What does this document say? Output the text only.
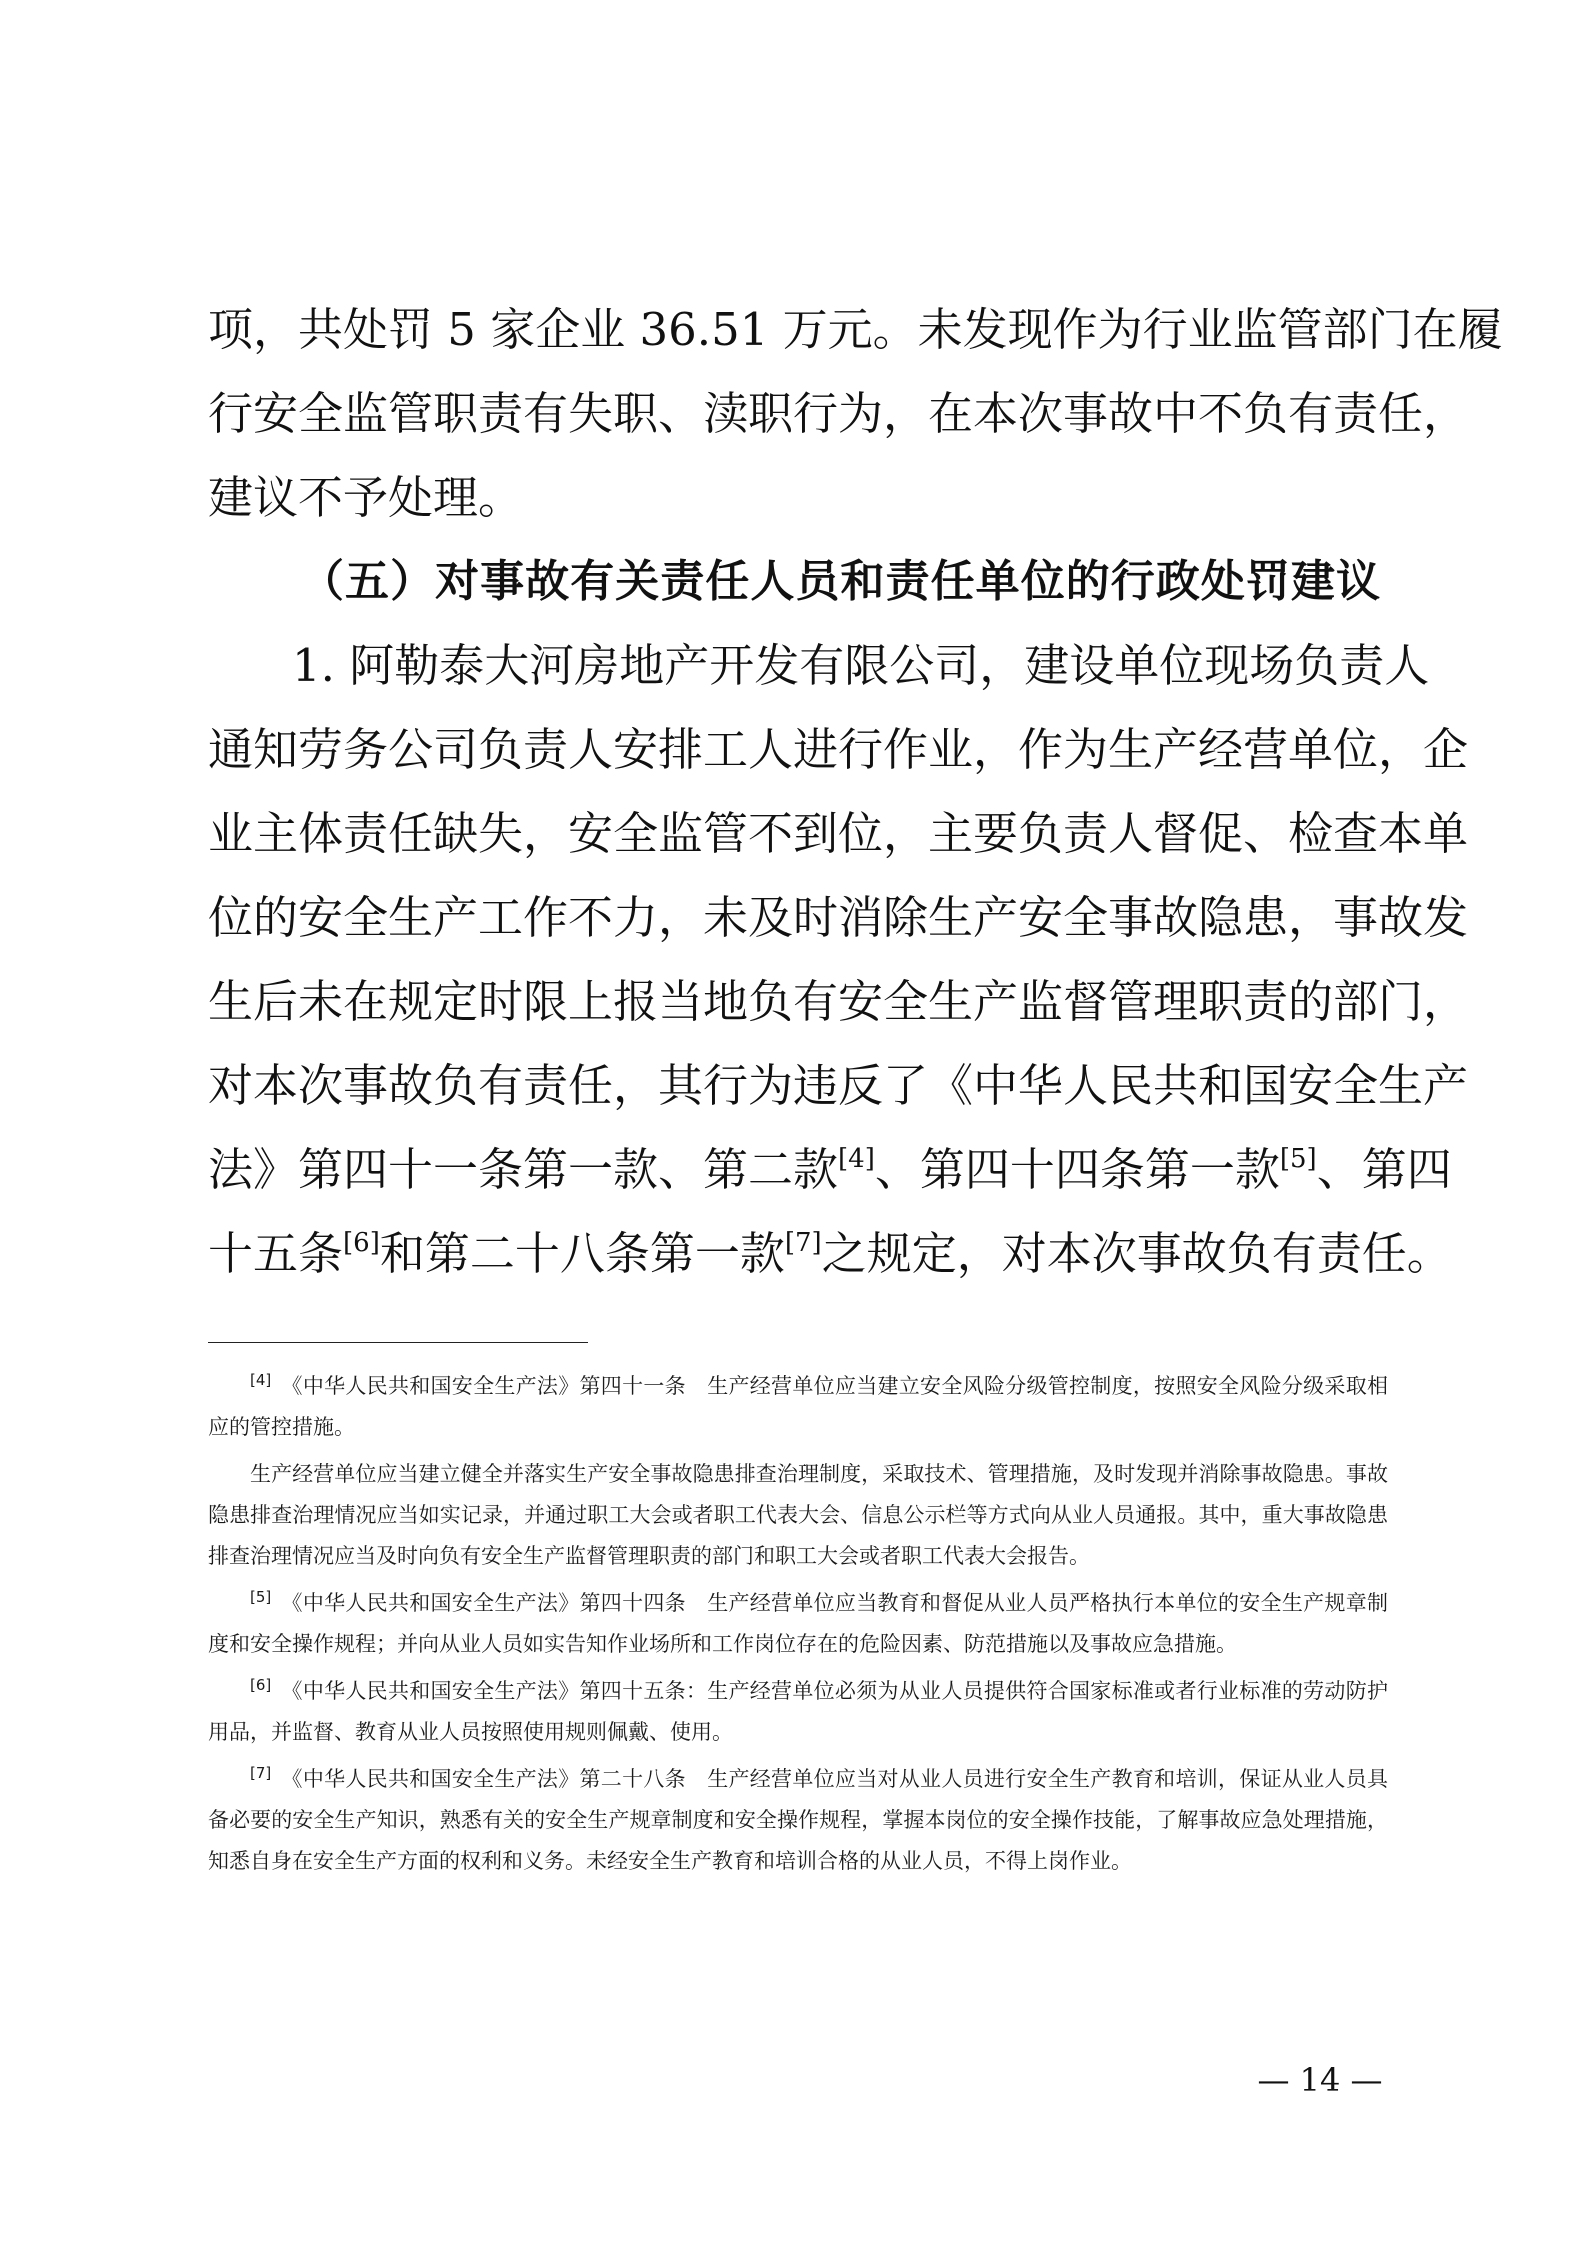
项，共处罚 5 家企业 36.51 万元。未发现作为行业监管部门在履
行安全监管职责有失职、渎职行为，在本次事故中不负有责任，
建议不予处理。
（五）对事故有关责任人员和责任单位的行政处罚建议
1. 阿勒泰大河房地产开发有限公司，建设单位现场负责人
通知劳务公司负责人安排工人进行作业，作为生产经营单位，企
业主体责任缺失，安全监管不到位，主要负责人督促、检查本单
位的安全生产工作不力，未及时消除生产安全事故隐患，事故发
生后未在规定时限上报当地负有安全生产监督管理职责的部门，
对本次事故负有责任，其行为违反了《中华人民共和国安全生产
法》第四十一条第一款、第二款[4]、第四十四条第一款[5]、第四
十五条[6]和第二十八条第一款[7]之规定，对本次事故负有责任。

[4] 《中华人民共和国安全生产法》第四十一条　生产经营单位应当建立安全风险分级管控制度，按照安全风险分级采取相应的管控措施。

生产经营单位应当建立健全并落实生产安全事故隐患排查治理制度，采取技术、管理措施，及时发现并消除事故隐患。事故隐患排查治理情况应当如实记录，并通过职工大会或者职工代表大会、信息公示栏等方式向从业人员通报。其中，重大事故隐患排查治理情况应当及时向负有安全生产监督管理职责的部门和职工大会或者职工代表大会报告。

[5] 《中华人民共和国安全生产法》第四十四条　生产经营单位应当教育和督促从业人员严格执行本单位的安全生产规章制度和安全操作规程；并向从业人员如实告知作业场所和工作岗位存在的危险因素、防范措施以及事故应急措施。

[6] 《中华人民共和国安全生产法》第四十五条：生产经营单位必须为从业人员提供符合国家标准或者行业标准的劳动防护用品，并监督、教育从业人员按照使用规则佩戴、使用。

[7] 《中华人民共和国安全生产法》第二十八条　生产经营单位应当对从业人员进行安全生产教育和培训，保证从业人员具备必要的安全生产知识，熟悉有关的安全生产规章制度和安全操作规程，掌握本岗位的安全操作技能，了解事故应急处理措施，知悉自身在安全生产方面的权利和义务。未经安全生产教育和培训合格的从业人员，不得上岗作业。

— 14 —
